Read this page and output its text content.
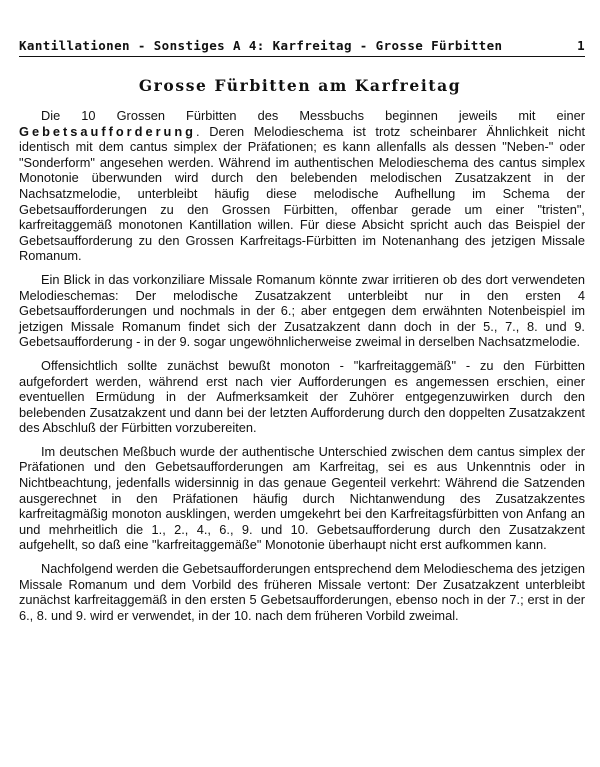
Kantillationen - Sonstiges A 4: Karfreitag - Grosse Fürbitten	1
Grosse Fürbitten am Karfreitag

Die 10 Grossen Fürbitten des Messbuchs beginnen jeweils mit einer Gebetsaufforderung. Deren Melodieschema ist trotz scheinbarer Ähnlichkeit nicht identisch mit dem cantus simplex der Präfationen; es kann allenfalls als dessen "Neben-" oder "Sonderform" angesehen werden. Während im authentischen Melodieschema des cantus simplex Monotonie überwunden wird durch den belebenden melodischen Zusatzakzent in der Nachsatzmelodie, unterbleibt häufig diese melodische Aufhellung im Schema der Gebetsaufforderungen zu den Grossen Fürbitten, offenbar gerade um einer "tristen", karfreitaggemäß monotonen Kantillation willen. Für diese Absicht spricht auch das Beispiel der Gebetsaufforderung zu den Grossen Karfreitags-Fürbitten im Notenanhang des jetzigen Missale Romanum.

Ein Blick in das vorkonziliare Missale Romanum könnte zwar irritieren ob des dort verwendeten Melodieschemas: Der melodische Zusatzakzent unterbleibt nur in den ersten 4 Gebetsaufforderungen und nochmals in der 6.; aber entgegen dem erwähnten Notenbeispiel im jetzigen Missale Romanum findet sich der Zusatzakzent dann doch in der 5., 7., 8. und 9. Gebetsaufforderung - in der 9. sogar ungewöhnlicherweise zweimal in derselben Nachsatzmelodie.

Offensichtlich sollte zunächst bewußt monoton - "karfreitaggemäß" - zu den Fürbitten aufgefordert werden, während erst nach vier Aufforderungen es angemessen erschien, einer eventuellen Ermüdung in der Aufmerksamkeit der Zuhörer entgegenzuwirken durch den belebenden Zusatzakzent und dann bei der letzten Aufforderung durch den doppelten Zusatzakzent des Abschluß der Fürbitten vorzubereiten.

Im deutschen Meßbuch wurde der authentische Unterschied zwischen dem cantus simplex der Präfationen und den Gebetsaufforderungen am Karfreitag, sei es aus Unkenntnis oder in Nichtbeachtung, jedenfalls widersinnig in das genaue Gegenteil verkehrt: Während die Satzenden ausgerechnet in den Präfationen häufig durch Nichtanwendung des Zusatzakzentes karfreitagmäßig monoton ausklingen, werden umgekehrt bei den Karfreitagsfürbitten von Anfang an und mehrheitlich die 1., 2., 4., 6., 9. und 10. Gebetsaufforderung durch den Zusatzakzent aufgehellt, so daß eine "karfreitaggemäße" Monotonie überhaupt nicht erst aufkommen kann.

Nachfolgend werden die Gebetsaufforderungen entsprechend dem Melodieschema des jetzigen Missale Romanum und dem Vorbild des früheren Missale vertont: Der Zusatzakzent unterbleibt zunächst karfreitaggemäß in den ersten 5 Gebetsaufforderungen, ebenso noch in der 7.; erst in der 6., 8. und 9. wird er verwendet, in der 10. nach dem früheren Vorbild zweimal.
